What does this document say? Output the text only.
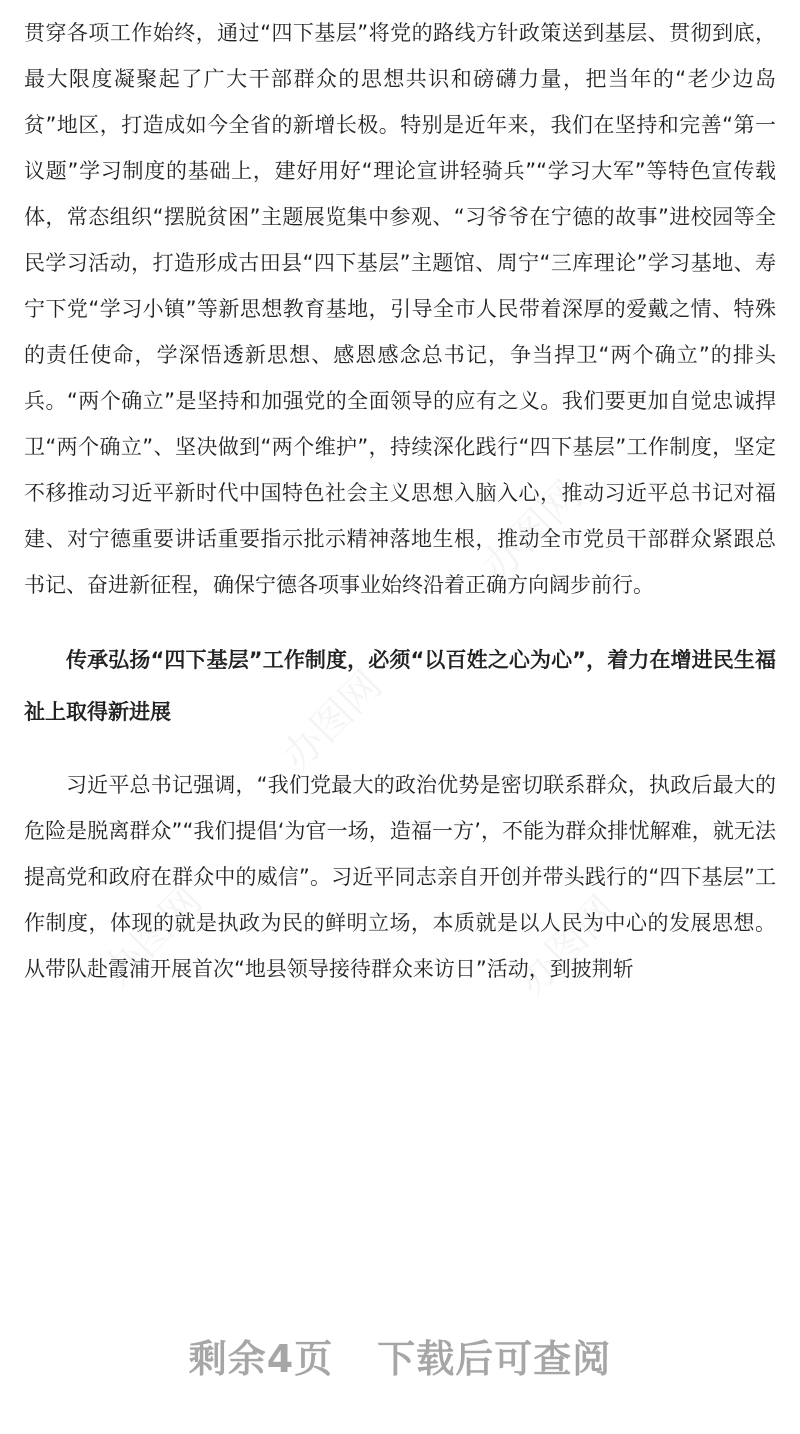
贯穿各项工作始终，通过“四下基层”将党的路线方针政策送到基层、贯彻到底，最大限度凝聚起了广大干部群众的思想共识和磅礴力量，把当年的“老少边岛贫”地区，打造成如今全省的新增长极。特别是近年来，我们在坚持和完善“第一议题”学习制度的基础上，建好用好“理论宣讲轻骑兵”“学习大军”等特色宣传载体，常态组织“摆脱贫困”主题展览集中参观、“习爷爷在宁德的故事”进校园等全民学习活动，打造形成古田县“四下基层”主题馆、周宁“三库理论”学习基地、寿宁下党“学习小镇”等新思想教育基地，引导全市人民带着深厚的爱戴之情、特殊的责任使命，学深悟透新思想、感恩感念总书记，争当捍卫“两个确立”的排头兵。“两个确立”是坚持和加强党的全面领导的应有之义。我们要更加自觉忠诚捍卫“两个确立”、坚决做到“两个维护”，持续深化践行“四下基层”工作制度，坚定不移推动习近平新时代中国特色社会主义思想入脑入心，推动习近平总书记对福建、对宁德重要讲话重要指示批示精神落地生根，推动全市党员干部群众紧跟总书记、奋进新征程，确保宁德各项事业始终沿着正确方向阔步前行。

传承弘扬“四下基层”工作制度，必须“以百姓之心为心”，着力在增进民生福祉上取得新进展

习近平总书记强调，“我们党最大的政治优势是密切联系群众，执政后最大的危险是脱离群众”“我们提倡‘为官一场，造福一方’，不能为群众排忧解难，就无法提高党和政府在群众中的威信”。习近平同志亲自开创并带头践行的“四下基层”工作制度，体现的就是执政为民的鲜明立场，本质就是以人民为中心的发展思想。从带队赴霞浦开展首次“地县领导接待群众来访日”活动，到披荆斩

剩余4页 下载后可查阅
